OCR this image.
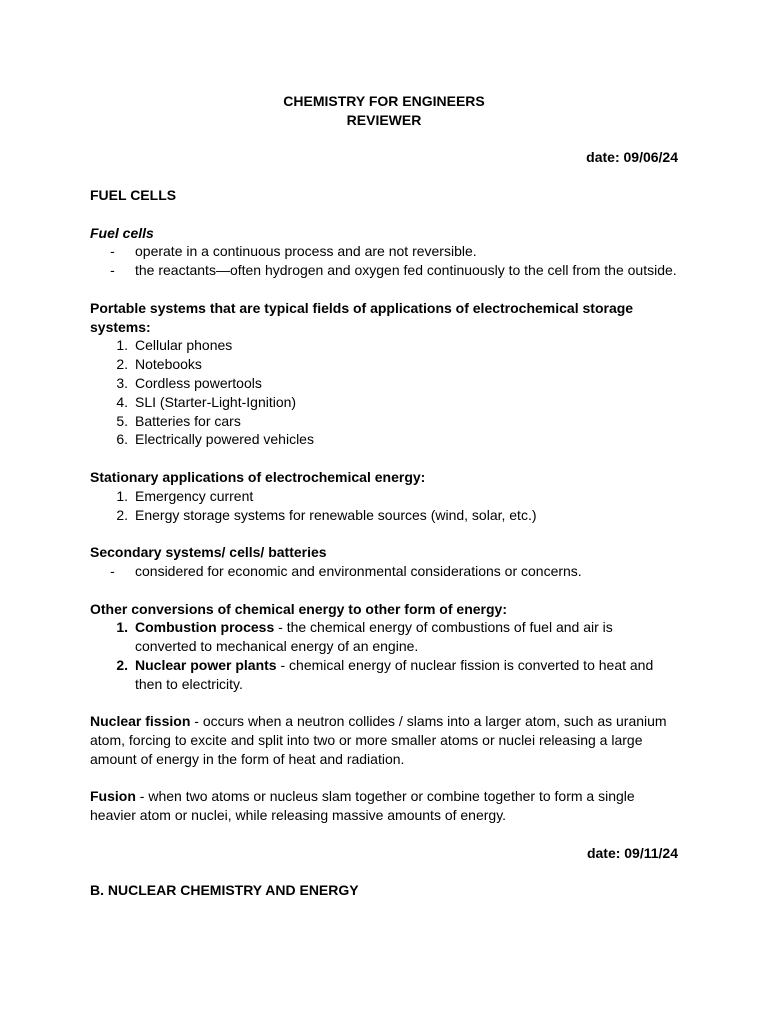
CHEMISTRY FOR ENGINEERS
REVIEWER
date: 09/06/24
FUEL CELLS
Fuel cells
-	operate in a continuous process and are not reversible.
-	the reactants—often hydrogen and oxygen fed continuously to the cell from the outside.
Portable systems that are typical fields of applications of electrochemical storage systems:
1. Cellular phones
2. Notebooks
3. Cordless powertools
4. SLI (Starter-Light-Ignition)
5. Batteries for cars
6. Electrically powered vehicles
Stationary applications of electrochemical energy:
1. Emergency current
2. Energy storage systems for renewable sources (wind, solar, etc.)
Secondary systems/ cells/ batteries
-	considered for economic and environmental considerations or concerns.
Other conversions of chemical energy to other form of energy:
1. Combustion process - the chemical energy of combustions of fuel and air is converted to mechanical energy of an engine.
2. Nuclear power plants - chemical energy of nuclear fission is converted to heat and then to electricity.
Nuclear fission - occurs when a neutron collides / slams into a larger atom, such as uranium atom, forcing to excite and split into two or more smaller atoms or nuclei releasing a large amount of energy in the form of heat and radiation.
Fusion - when two atoms or nucleus slam together or combine together to form a single heavier atom or nuclei, while releasing massive amounts of energy.
date: 09/11/24
B. NUCLEAR CHEMISTRY AND ENERGY
